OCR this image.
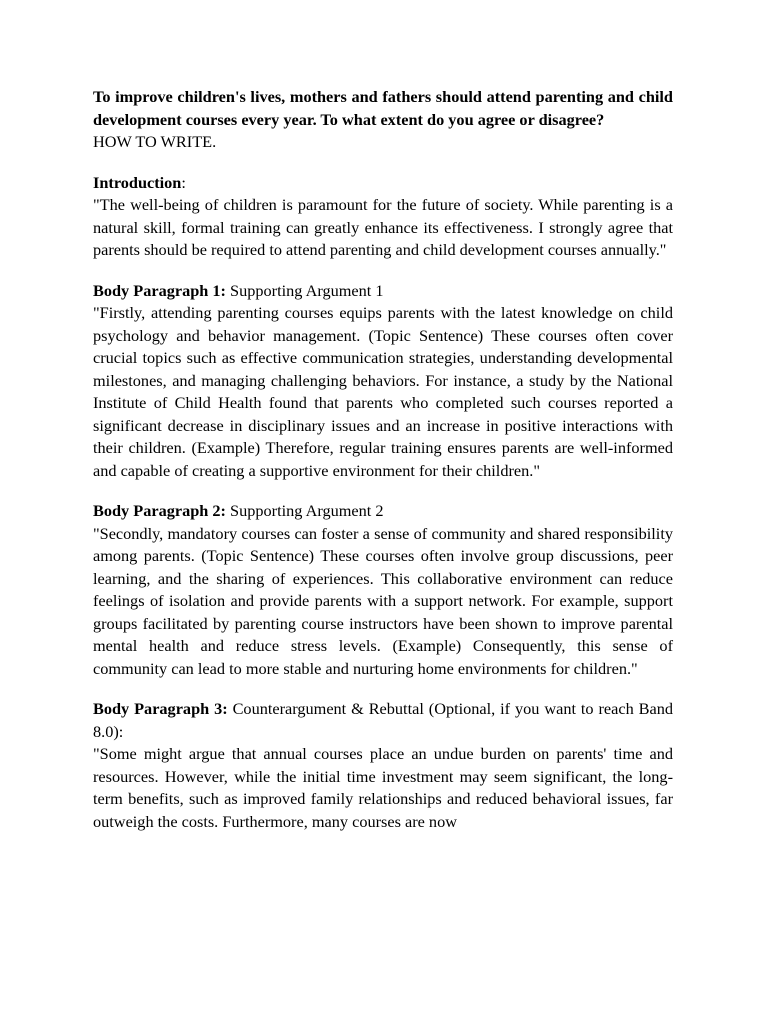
To improve children's lives, mothers and fathers should attend parenting and child development courses every year. To what extent do you agree or disagree?

HOW TO WRITE.

Introduction:

"The well-being of children is paramount for the future of society. While parenting is a natural skill, formal training can greatly enhance its effectiveness. I strongly agree that parents should be required to attend parenting and child development courses annually."

Body Paragraph 1: Supporting Argument 1

"Firstly, attending parenting courses equips parents with the latest knowledge on child psychology and behavior management. (Topic Sentence) These courses often cover crucial topics such as effective communication strategies, understanding developmental milestones, and managing challenging behaviors. For instance, a study by the National Institute of Child Health found that parents who completed such courses reported a significant decrease in disciplinary issues and an increase in positive interactions with their children. (Example) Therefore, regular training ensures parents are well-informed and capable of creating a supportive environment for their children."

Body Paragraph 2: Supporting Argument 2

"Secondly, mandatory courses can foster a sense of community and shared responsibility among parents. (Topic Sentence) These courses often involve group discussions, peer learning, and the sharing of experiences. This collaborative environment can reduce feelings of isolation and provide parents with a support network. For example, support groups facilitated by parenting course instructors have been shown to improve parental mental health and reduce stress levels. (Example) Consequently, this sense of community can lead to more stable and nurturing home environments for children."

Body Paragraph 3: Counterargument & Rebuttal (Optional, if you want to reach Band 8.0):

"Some might argue that annual courses place an undue burden on parents' time and resources. However, while the initial time investment may seem significant, the long-term benefits, such as improved family relationships and reduced behavioral issues, far outweigh the costs. Furthermore, many courses are now
